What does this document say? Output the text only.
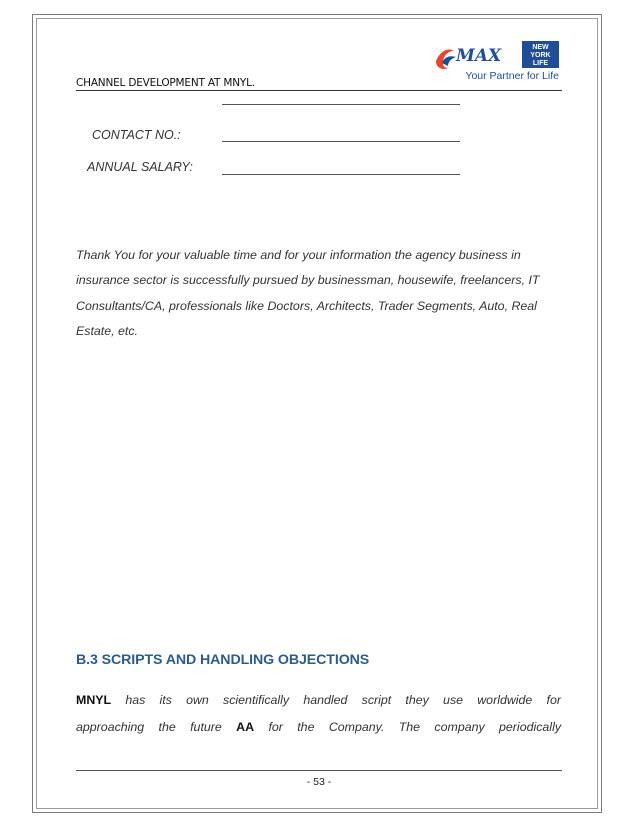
CHANNEL DEVELOPMENT AT MNYL.
MAX	NEW
YORK
LIFE
Your Partner for Life
CONTACT NO.:
ANNUAL SALARY:
Thank You for your valuable time and for your information the agency business in insurance sector is successfully pursued by businessman, housewife, freelancers, IT Consultants/CA, professionals like Doctors, Architects, Trader Segments, Auto, Real Estate, etc.
B.3 SCRIPTS AND HANDLING OBJECTIONS
MNYL has its own scientifically handled script they use worldwide for
approaching the future AA for the Company. The company periodically
- 53 -
